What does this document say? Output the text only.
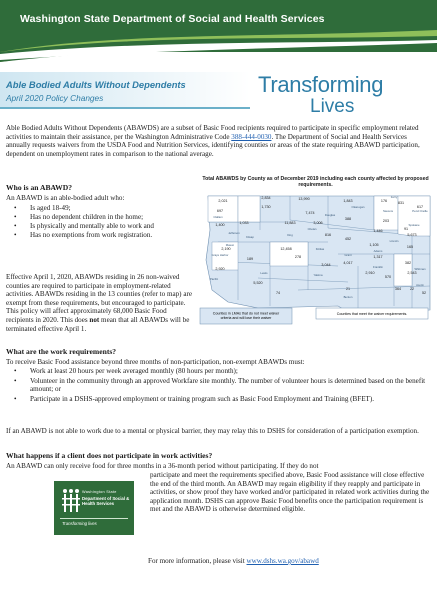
Washington State Department of Social and Health Services
Able Bodied Adults Without Dependents
April 2020 Policy Changes
Transforming
Lives

Able Bodied Adults Without Dependents (ABAWDS) are a subset of Basic Food recipients required to participate in specific employment related activities to maintain their assistance, per the Washington Administrative Code 388-444-0030. The Department of Social and Health Services annually requests waivers from the USDA Food and Nutrition Services, identifying counties or areas of the state requiring ABAWD participation, dependent on unemployment rates in comparison to the national average.

Who is an ABAWD?

An ABAWD is an able-bodied adult who:

• Is aged 18-49;
• Has no dependent children in the home;
• Is physically and mentally able to work and
• Has no exemptions from work registration.

Effective April 1, 2020, ABAWDs residing in 26 non-waived counties are required to participate in employment-related activities. ABAWDs residing in the 13 counties (refer to map) are exempt from these requirements, but encouraged to participate. This policy will affect approximately 68,000 Basic Food recipients in 2020. This does not mean that all ABAWDs will be terminated effective April 1.

Total ABAWDS by County as of December 2019 including each county affected by proposed requirements.
2,021
2,834	13,990	1,843	176	831
617
697
1,730
7,474
1,400	11,883
1,033
388
3,006	203
1,446	91
5,673
2,190	12,458
816
452
1,105	165
189	278
3,044
2,920
4,017
1,317
2,910
382
570
2,543
5,520
74
21	364 22
52
Okanogan
Clallam
Jefferson
Kitsap
Mason
Grays Harbor
King
Kittitas
Yakima
Spokane
Pacific
Lewis
Benton
Franklin	Whitman
Stevens	Pend Oreille
Lincoln
Adams
Grant
Chelan
Douglas
Ferry
Asotin
Counties in LMAs that do not meet waiver criteria and will lose their waiver
Counties that meet the waiver requirements.
What are the work requirements?

To receive Basic Food assistance beyond three months of non-participation, non-exempt ABAWDs must:

• Work at least 20 hours per week averaged monthly (80 hours per month);
• Volunteer in the community through an approved Workfare site monthly. The number of volunteer hours is determined based on the benefit amount; or
• Participate in a DSHS-approved employment or training program such as Basic Food Employment and Training (BFET).

If an ABAWD is not able to work due to a mental or physical barrier, they may relay this to DSHS for consideration of a participation exemption.

What happens if a client does not participate in work activities?

An ABAWD can only receive food for three months in a 36-month period without participating. If they do not

participate and meet the requirements specified above, Basic Food assistance will close effective the end of the third month. An ABAWD may regain eligibility if they reapply and participate in activities, or show proof they have worked and/or participated in related work activities during the application month. DSHS can approve Basic Food benefits once the participation requirement is met and the ABAWD is otherwise determined eligible.

Washington State
Department of Social & Health Services
Transforming lives

For more information, please visit www.dshs.wa.gov/abawd
